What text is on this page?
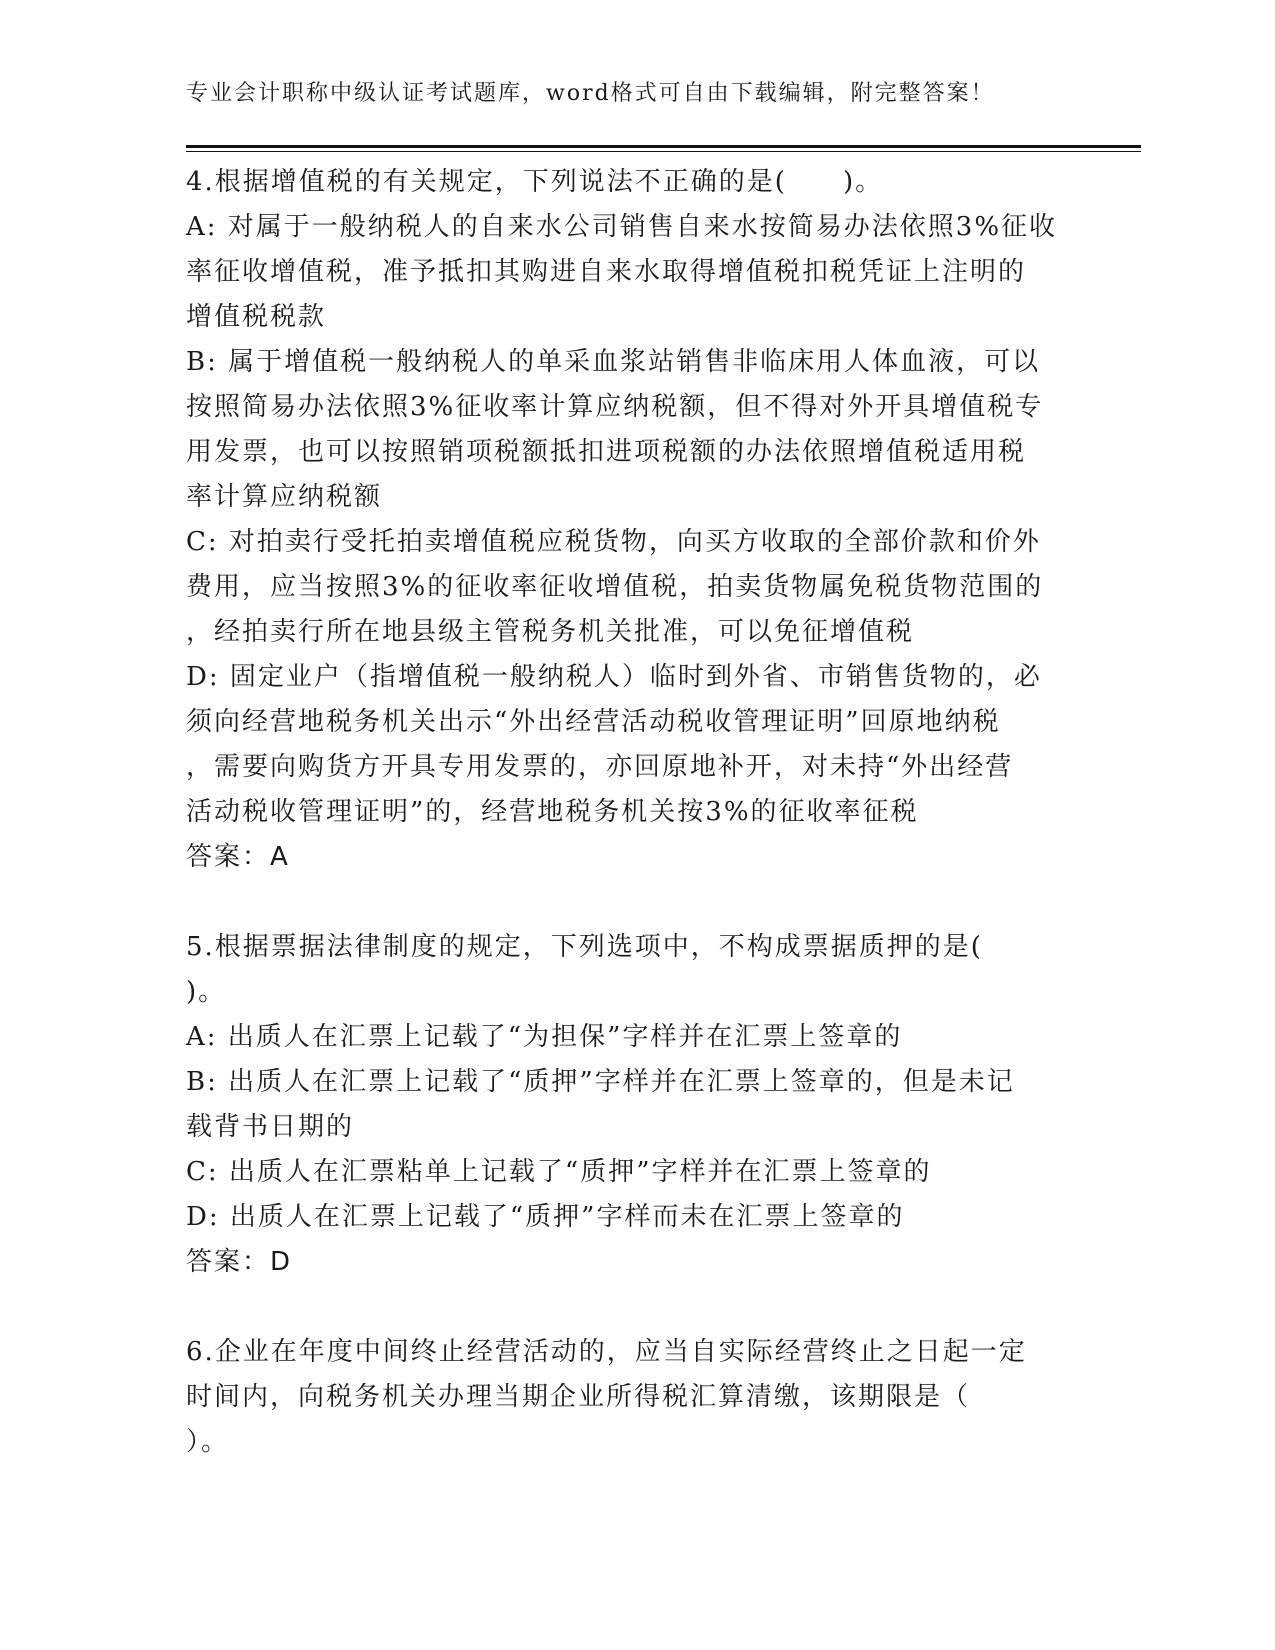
专业会计职称中级认证考试题库，word格式可自由下载编辑，附完整答案！
4.根据增值税的有关规定，下列说法不正确的是(　　)。
A: 对属于一般纳税人的自来水公司销售自来水按简易办法依照3%征收
率征收增值税，准予抵扣其购进自来水取得增值税扣税凭证上注明的
增值税税款
B: 属于增值税一般纳税人的单采血浆站销售非临床用人体血液，可以
按照简易办法依照3%征收率计算应纳税额，但不得对外开具增值税专
用发票，也可以按照销项税额抵扣进项税额的办法依照增值税适用税
率计算应纳税额
C: 对拍卖行受托拍卖增值税应税货物，向买方收取的全部价款和价外
费用，应当按照3%的征收率征收增值税，拍卖货物属免税货物范围的
，经拍卖行所在地县级主管税务机关批准，可以免征增值税
D: 固定业户（指增值税一般纳税人）临时到外省、市销售货物的，必
须向经营地税务机关出示“外出经营活动税收管理证明”回原地纳税
，需要向购货方开具专用发票的，亦回原地补开，对未持“外出经营
活动税收管理证明”的，经营地税务机关按3%的征收率征税
答案：A
5.根据票据法律制度的规定，下列选项中，不构成票据质押的是(
)。
A: 出质人在汇票上记载了“为担保”字样并在汇票上签章的
B: 出质人在汇票上记载了“质押”字样并在汇票上签章的，但是未记
载背书日期的
C: 出质人在汇票粘单上记载了“质押”字样并在汇票上签章的
D: 出质人在汇票上记载了“质押”字样而未在汇票上签章的
答案：D
6.企业在年度中间终止经营活动的，应当自实际经营终止之日起一定
时间内，向税务机关办理当期企业所得税汇算清缴，该期限是（
）。
